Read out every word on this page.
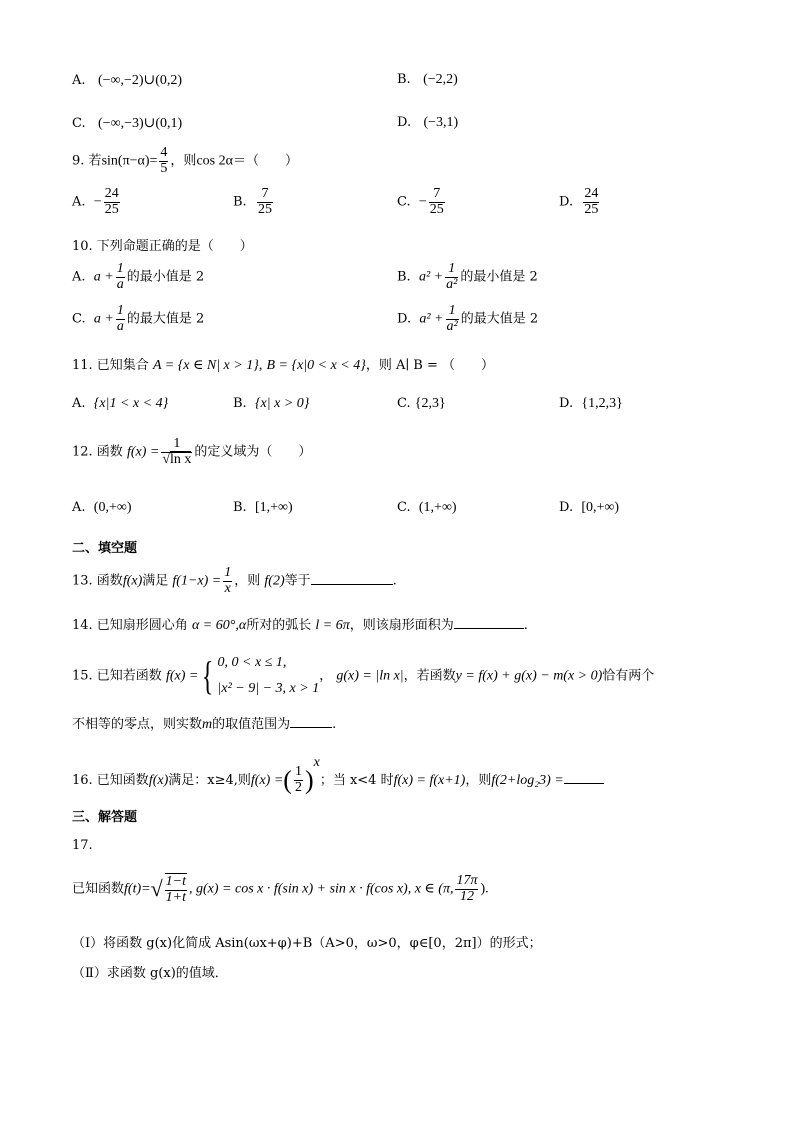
A. (−∞,−2)∪(0,2)	B. (−2,2)
C. (−∞,−3)∪(0,1)	D. (−3,1)
9. 若$\sin(\pi-\alpha)= \frac{4}{5}$ ，则cos 2α＝（　　）
A. − $\frac{24}{25}$	B. $\frac{7}{25}$	C. − $\frac{7}{25}$	D. $\frac{24}{25}$
10. 下列命题正确的是（　　）
A. $a + \frac{1}{a}$ 的最小值是 2	B. $a^2 + \frac{1}{\text{a²}}$ 的最小值是 2
C. $a + \frac{1}{a}$ 的最大值是 2	D. $a^2 + \frac{1}{\text{a²}}$ 的最大值是 2
11. 已知集合 A = {x ∈ N| x > 1}, B = {x|0 < x < 4}，则 A∣ B = （　　）
A. {x|1 < x < 4}	B. {x| x > 0}	C. {2,3}	D. {1,2,3}
12. 函数 $f(x) = \frac{1}{\text{√ln x}}$ 的定义域为（　　）
A. (0,+∞)	B. [1,+∞)	C. (1,+∞)	D. [0,+∞)
二、填空题
13. 函数f(x)满足 $f(1-x) = \frac{1}{x}$ ，则 f(2)等于	.
14. 已知扇形圆心角 α = 60°,α所对的弧长 l = 6π，则该扇形面积为	.
15. 已知若函数 f(x) ={ 0, 0 < x ≤ 1,
|x² − 9| − 3, x > 1
， g(x) = |ln x|，若函数y = f(x) + g(x) − m(x > 0)恰有两个
不相等的零点，则实数m的取值范围为	.
16. 已知函数f(x)满足：x≥4,则f(x) =( $\frac{1}{2} )^x$；当 x<4 时f(x) = f(x+1)，则f(2+log₂3) =
三、解答题
17.
已知函数$f(t)=√ \frac{1-t}{1+t}$ , g(x) = cos x · f(sin x) + sin x · f(cos x), x ∈ (π, $\frac{17\pi}{12}$ ).
（Ⅰ）将函数 g(x)化简成 Asin(ωx+φ)+B（A>0，ω>0，φ∈[0，2π]）的形式；
（Ⅱ）求函数 g(x)的值域．
